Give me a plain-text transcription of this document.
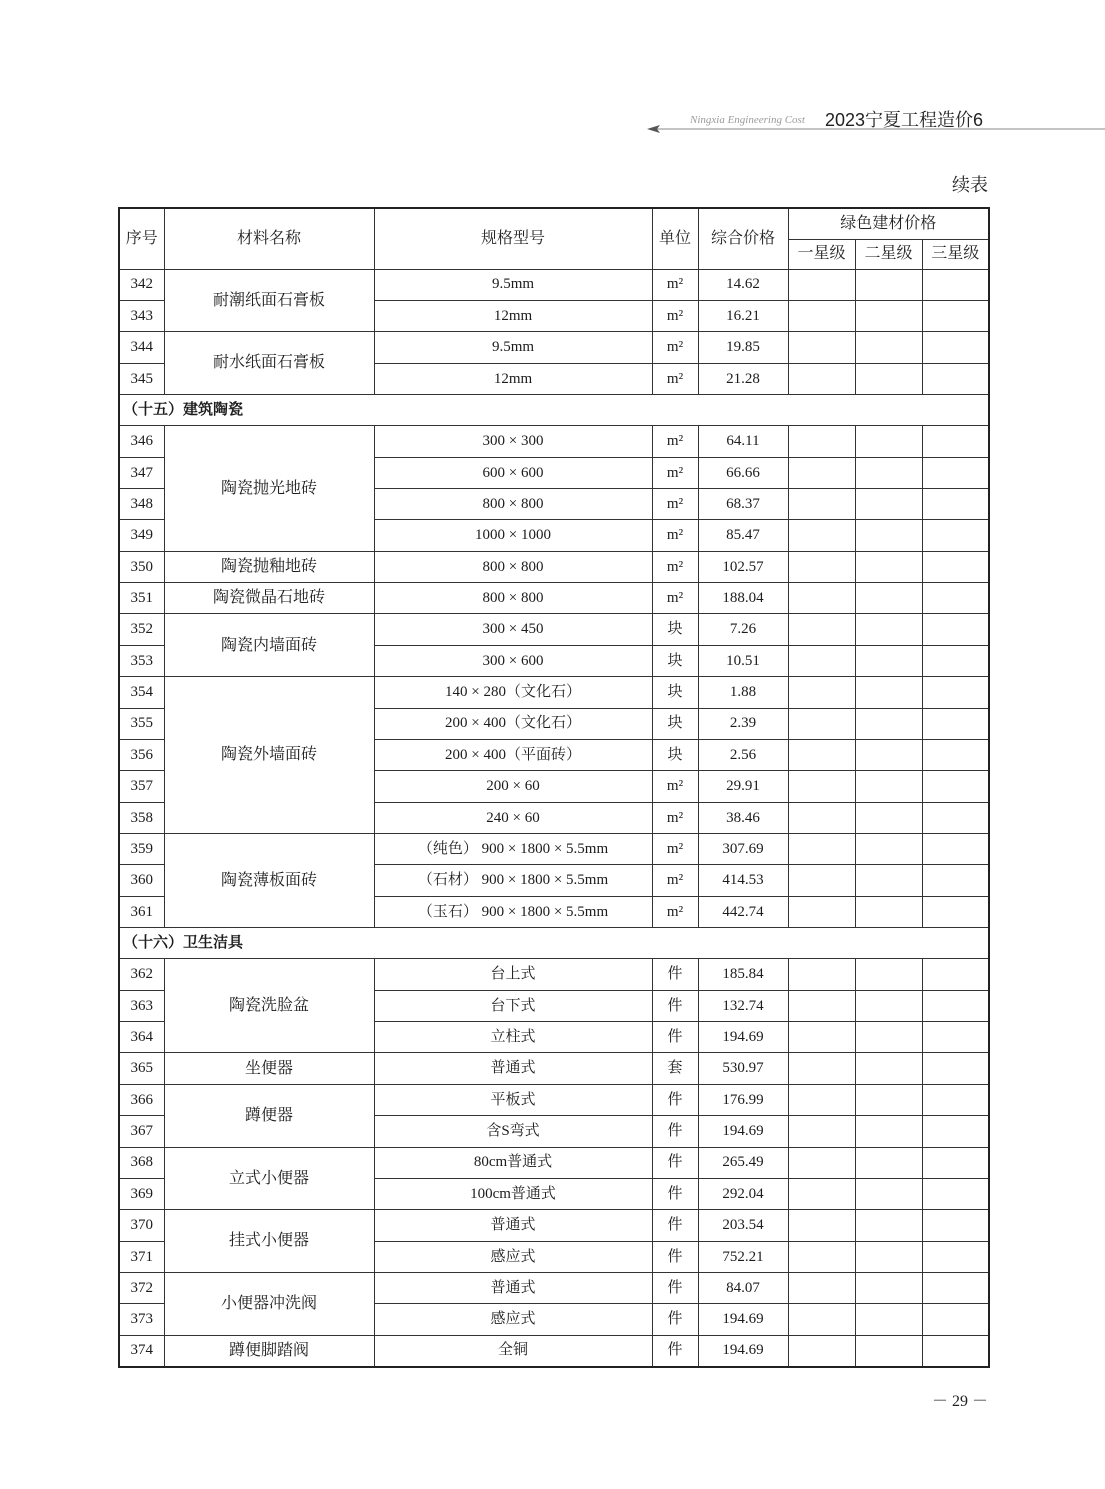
Ningxia Engineering Cost 2023宁夏工程造价6
续表
序号	材料名称	规格型号	单位	综合价格	绿色建材价格		
					一星级	二星级	三星级
342	耐潮纸面石膏板	9.5mm	m²	14.62			
343		12mm	m²	16.21			
344	耐水纸面石膏板	9.5mm	m²	19.85			
345		12mm	m²	21.28			
（十五）建筑陶瓷							
346	陶瓷抛光地砖	300 × 300	m²	64.11			
347		600 × 600	m²	66.66			
348		800 × 800	m²	68.37			
349		1000 × 1000	m²	85.47			
350	陶瓷抛釉地砖	800 × 800	m²	102.57			
351	陶瓷微晶石地砖	800 × 800	m²	188.04			
352	陶瓷内墙面砖	300 × 450	块	7.26			
353		300 × 600	块	10.51			
354	陶瓷外墙面砖	140 × 280（文化石）	块	1.88			
355		200 × 400（文化石）	块	2.39			
356		200 × 400（平面砖）	块	2.56			
357		200 × 60	m²	29.91			
358		240 × 60	m²	38.46			
359	陶瓷薄板面砖	（纯色） 900 × 1800 × 5.5mm	m²	307.69			
360		（石材） 900 × 1800 × 5.5mm	m²	414.53			
361		（玉石） 900 × 1800 × 5.5mm	m²	442.74			
（十六）卫生洁具							
362	陶瓷洗脸盆	台上式	件	185.84			
363		台下式	件	132.74			
364		立柱式	件	194.69			
365	坐便器	普通式	套	530.97			
366	蹲便器	平板式	件	176.99			
367		含S弯式	件	194.69			
368	立式小便器	80cm普通式	件	265.49			
369		100cm普通式	件	292.04			
370	挂式小便器	普通式	件	203.54			
371		感应式	件	752.21			
372	小便器冲洗阀	普通式	件	84.07			
373		感应式	件	194.69			
374	蹲便脚踏阀	全铜	件	194.69			
－ 29 －
